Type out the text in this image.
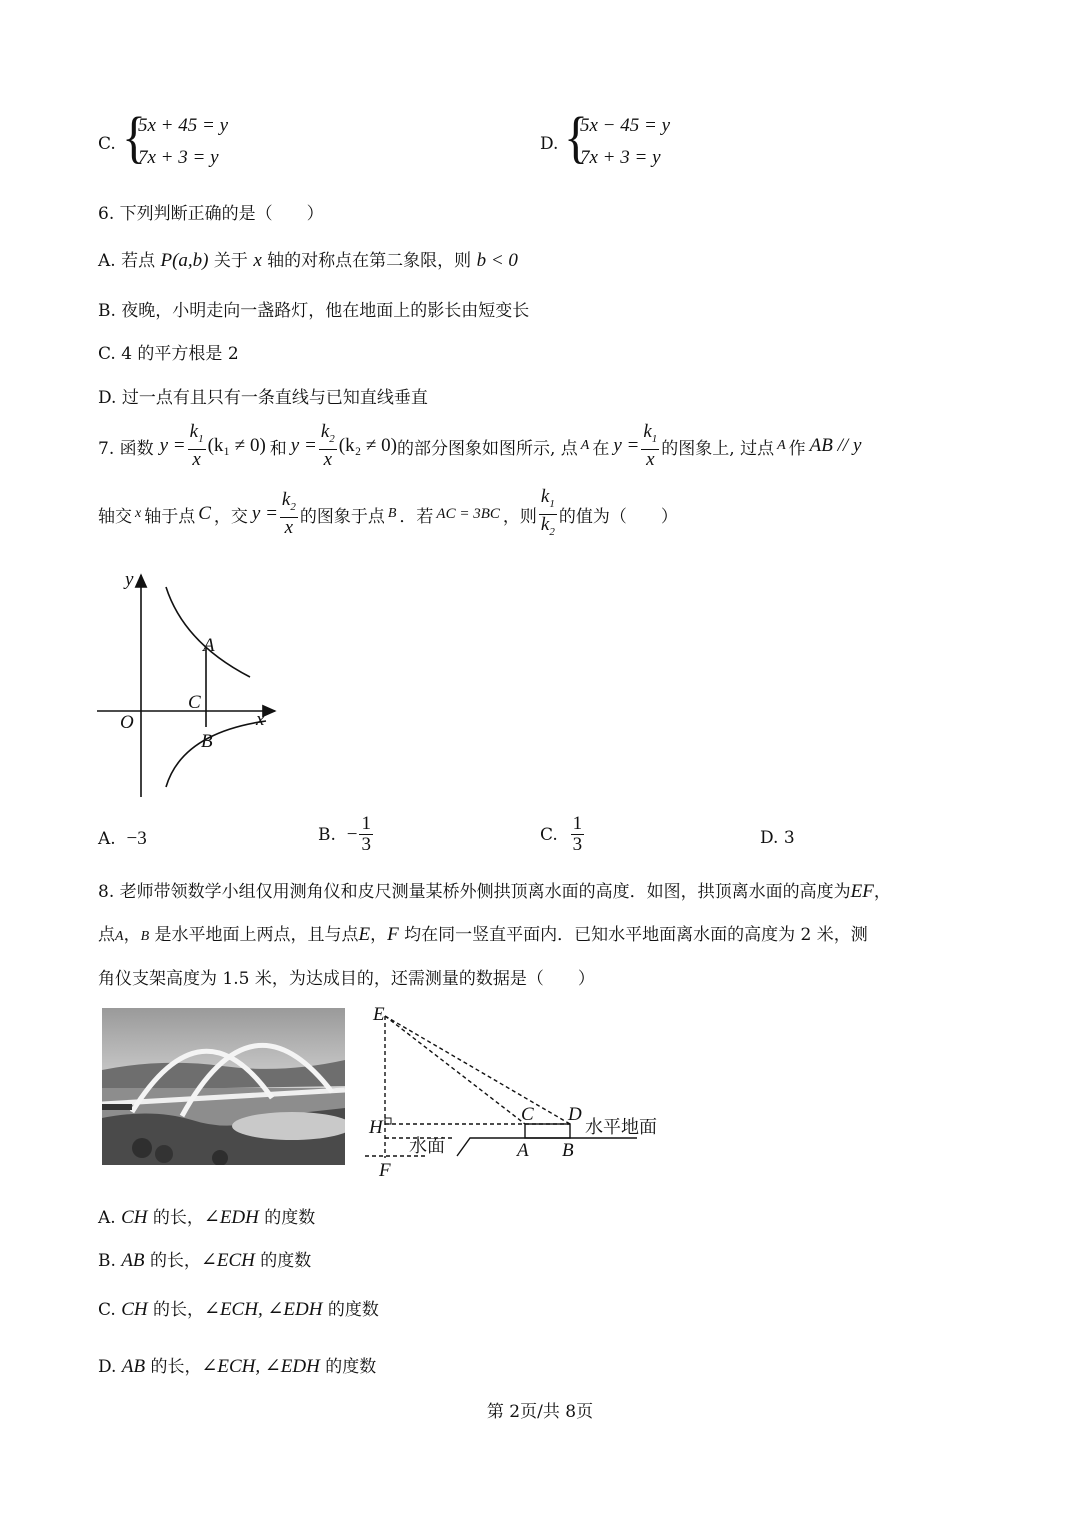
C. {
5x + 45 = y
7x + 3 = y
D. {
5x − 45 = y
7x + 3 = y
6. 下列判断正确的是（　　）
A. 若点 P(a,b) 关于 x 轴的对称点在第二象限，则 b < 0
B. 夜晚，小明走向一盏路灯，他在地面上的影长由短变长
C. 4 的平方根是 2
D. 过一点有且只有一条直线与已知直线垂直
7. 函数 $y = \frac{k_1}{x} (k_1 \ne 0)$ 和 $y = \frac{k_2}{x} (k_2 \ne 0)$ 的部分图象如图所示, 点 A 在 $y = \frac{k_1}{x}$ 的图象上, 过点 A 作 AB // y
轴交 x 轴于点 C ，交 $y = \frac{k_2}{x}$ 的图象于点 B ．若 AC = 3BC ，则 $\frac{k_1}{k_2}$ 的值为（　　）
y
x
O
A
C
B
A. −3	B.
− $\frac{1}{3}$	C.
$\frac{1}{3}$	D. 3
8. 老师带领数学小组仅用测角仪和皮尺测量某桥外侧拱顶离水面的高度．如图，拱顶离水面的高度为EF，
点A，B 是水平地面上两点，且与点E，F 均在同一竖直平面内．已知水平地面离水面的高度为 2 米，测
角仪支架高度为 1.5 米，为达成目的，还需测量的数据是（　　）
E
H
F
C D
A B
水面
水平地面
A. CH 的长，∠EDH 的度数
B. AB 的长，∠ECH 的度数
C. CH 的长，∠ECH, ∠EDH 的度数
D. AB 的长，∠ECH, ∠EDH 的度数
第 2页/共 8页
